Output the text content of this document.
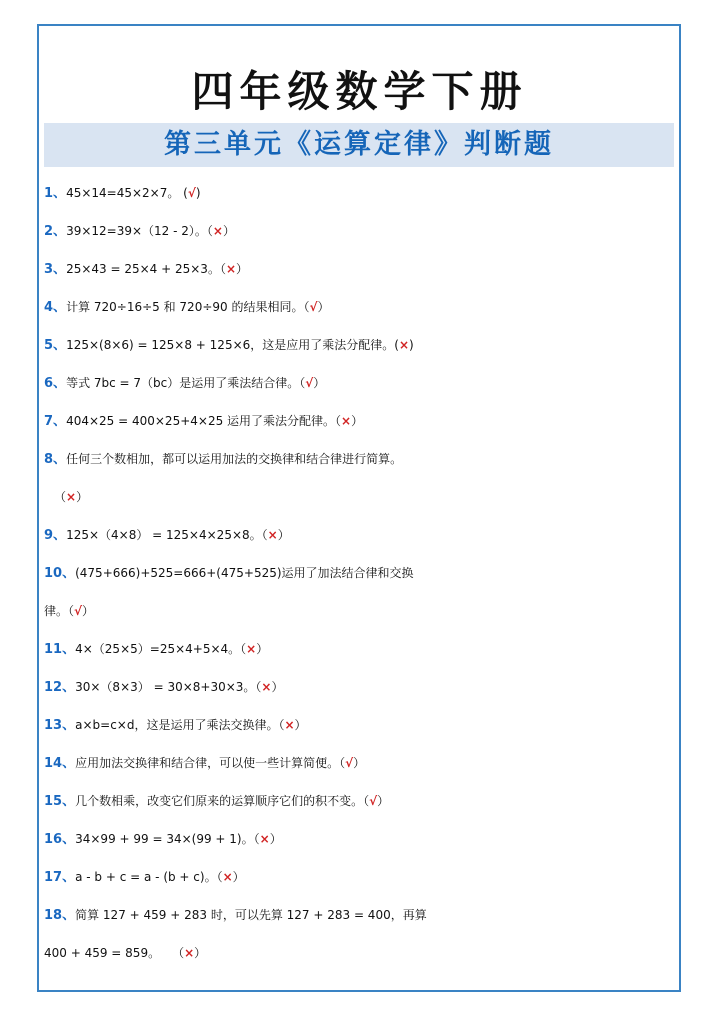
四年级数学下册
第三单元《运算定律》判断题
1、45×14=45×2×7。 (√)
2、39×12=39×（12 - 2）。（×）
3、25×43 = 25×4 + 25×3。（×）
4、计算 720÷16÷5 和 720÷90 的结果相同。（√）
5、125×(8×6) = 125×8 + 125×6，这是应用了乘法分配律。(×)
6、等式 7bc = 7（bc）是运用了乘法结合律。（√）
7、404×25 = 400×25+4×25 运用了乘法分配律。（×）
8、任何三个数相加，都可以运用加法的交换律和结合律进行简算。
（×）
9、125×（4×8） = 125×4×25×8。（×）
10、(475+666)+525=666+(475+525)运用了加法结合律和交换
律。（√）
11、4×（25×5）=25×4+5×4。（×）
12、30×（8×3） = 30×8+30×3。（×）
13、a×b=c×d，这是运用了乘法交换律。（×）
14、应用加法交换律和结合律，可以使一些计算简便。（√）
15、几个数相乘，改变它们原来的运算顺序它们的积不变。（√）
16、34×99 + 99 = 34×(99 + 1)。（×）
17、a - b + c = a - (b + c)。（×）
18、简算 127 + 459 + 283 时，可以先算 127 + 283 = 400，再算
400 + 459 = 859。　　（×）
